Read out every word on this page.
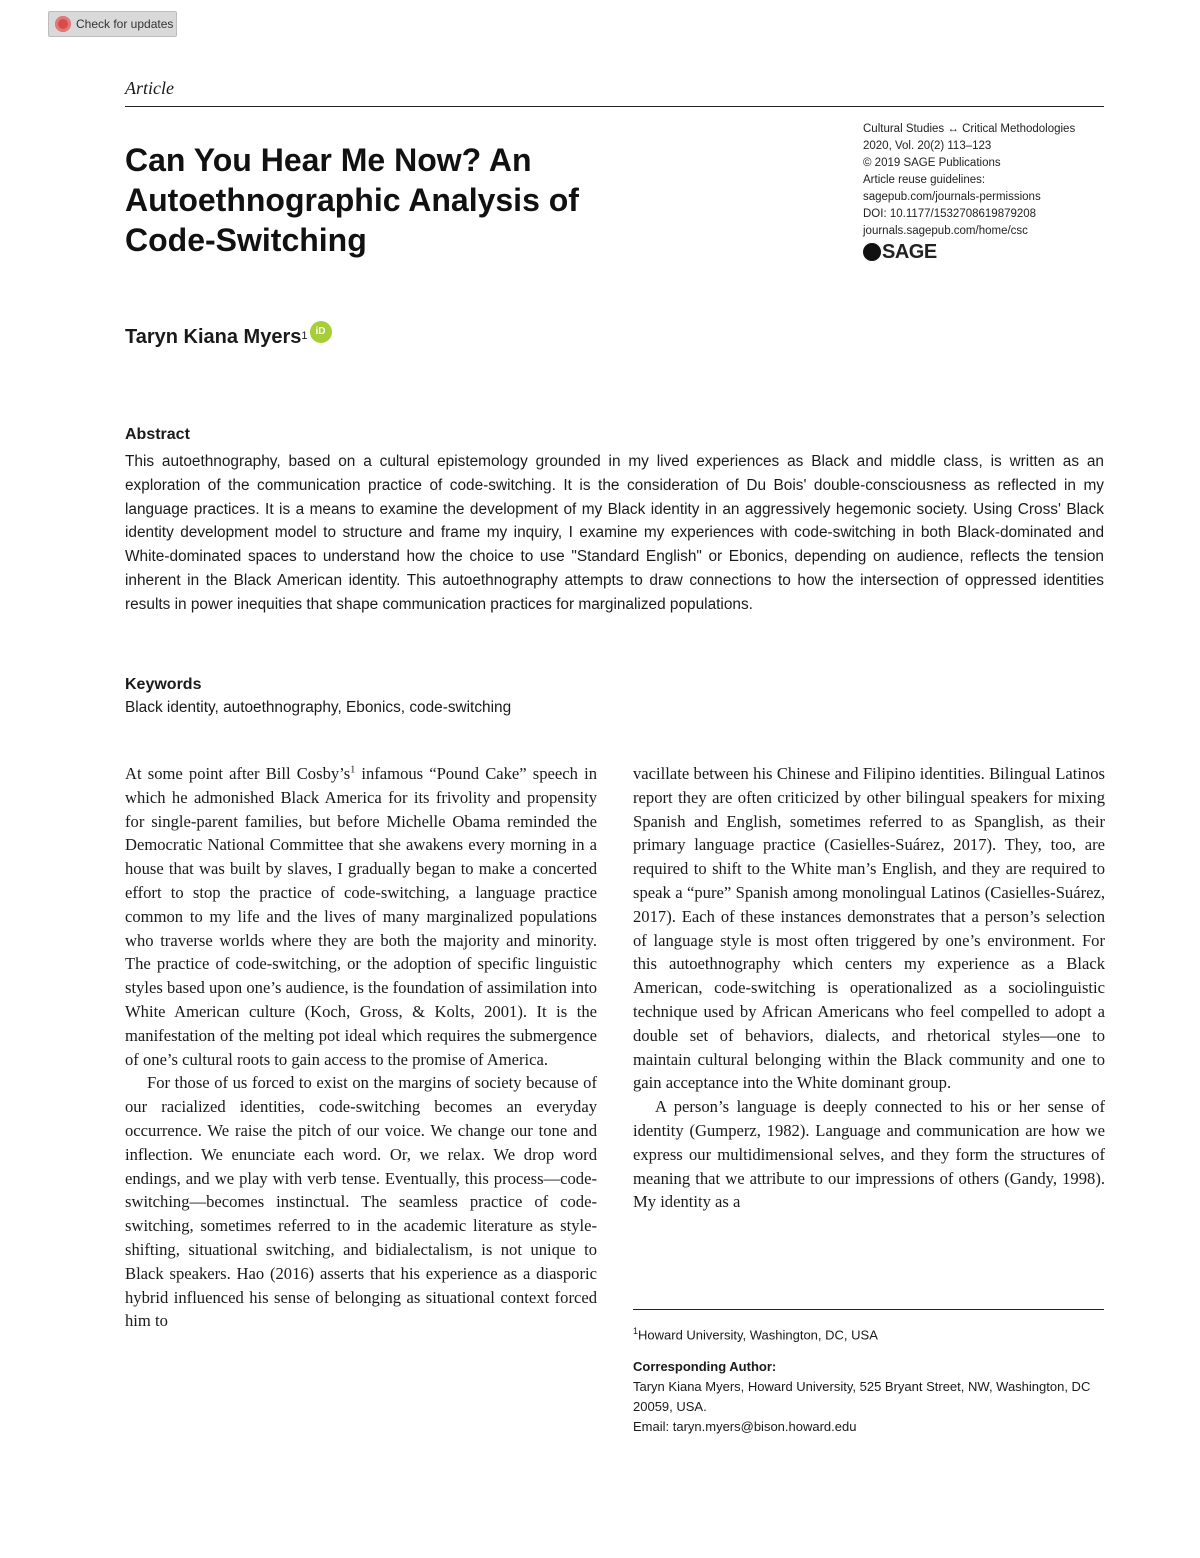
Check for updates
Article
Can You Hear Me Now? An
Autoethnographic Analysis of
Code-Switching
Cultural Studies ↔ Critical Methodologies
2020, Vol. 20(2) 113–123
© 2019 SAGE Publications
Article reuse guidelines:
sagepub.com/journals-permissions
DOI: 10.1177/1532708619879208
journals.sagepub.com/home/csc
SAGE
Taryn Kiana Myers$^1$ iD
Abstract

This autoethnography, based on a cultural epistemology grounded in my lived experiences as Black and middle class, is written as an exploration of the communication practice of code-switching. It is the consideration of Du Bois' double-consciousness as reflected in my language practices. It is a means to examine the development of my Black identity in an aggressively hegemonic society. Using Cross' Black identity development model to structure and frame my inquiry, I examine my experiences with code-switching in both Black-dominated and White-dominated spaces to understand how the choice to use "Standard English" or Ebonics, depending on audience, reflects the tension inherent in the Black American identity. This autoethnography attempts to draw connections to how the intersection of oppressed identities results in power inequities that shape communication practices for marginalized populations.

Keywords
Black identity, autoethnography, Ebonics, code-switching

At some point after Bill $Cosby’s^1$ infamous “Pound Cake” speech in which he admonished Black America for its frivolity and propensity for single-parent families, but before Michelle Obama reminded the Democratic National Committee that she awakens every morning in a house that was built by slaves, I gradually began to make a concerted effort to stop the practice of code-switching, a language practice common to my life and the lives of many marginalized populations who traverse worlds where they are both the majority and minority. The practice of code-switching, or the adoption of specific linguistic styles based upon one’s audience, is the foundation of assimilation into White American culture (Koch, Gross, & Kolts, 2001). It is the manifestation of the melting pot ideal which requires the submergence of one’s cultural roots to gain access to the promise of America.

For those of us forced to exist on the margins of society because of our racialized identities, code-switching becomes an everyday occurrence. We raise the pitch of our voice. We change our tone and inflection. We enunciate each word. Or, we relax. We drop word endings, and we play with verb tense. Eventually, this process—code-switching—becomes instinctual. The seamless practice of code-switching, sometimes referred to in the academic literature as style-shifting, situational switching, and bidialectalism, is not unique to Black speakers. Hao (2016) asserts that his experience as a diasporic hybrid influenced his sense of belonging as situational context forced him to

vacillate between his Chinese and Filipino identities. Bilingual Latinos report they are often criticized by other bilingual speakers for mixing Spanish and English, sometimes referred to as Spanglish, as their primary language practice (Casielles-Suárez, 2017). They, too, are required to shift to the White man’s English, and they are required to speak a “pure” Spanish among monolingual Latinos (Casielles-Suárez, 2017). Each of these instances demonstrates that a person’s selection of language style is most often triggered by one’s environment. For this autoethnography which centers my experience as a Black American, code-switching is operationalized as a sociolinguistic technique used by African Americans who feel compelled to adopt a double set of behaviors, dialects, and rhetorical styles—one to maintain cultural belonging within the Black community and one to gain acceptance into the White dominant group.

A person’s language is deeply connected to his or her sense of identity (Gumperz, 1982). Language and communication are how we express our multidimensional selves, and they form the structures of meaning that we attribute to our impressions of others (Gandy, 1998). My identity as a

$^1$Howard University, Washington, DC, USA
Corresponding Author:
Taryn Kiana Myers, Howard University, 525 Bryant Street, NW, Washington, DC 20059, USA.
Email: taryn.myers@bison.howard.edu
